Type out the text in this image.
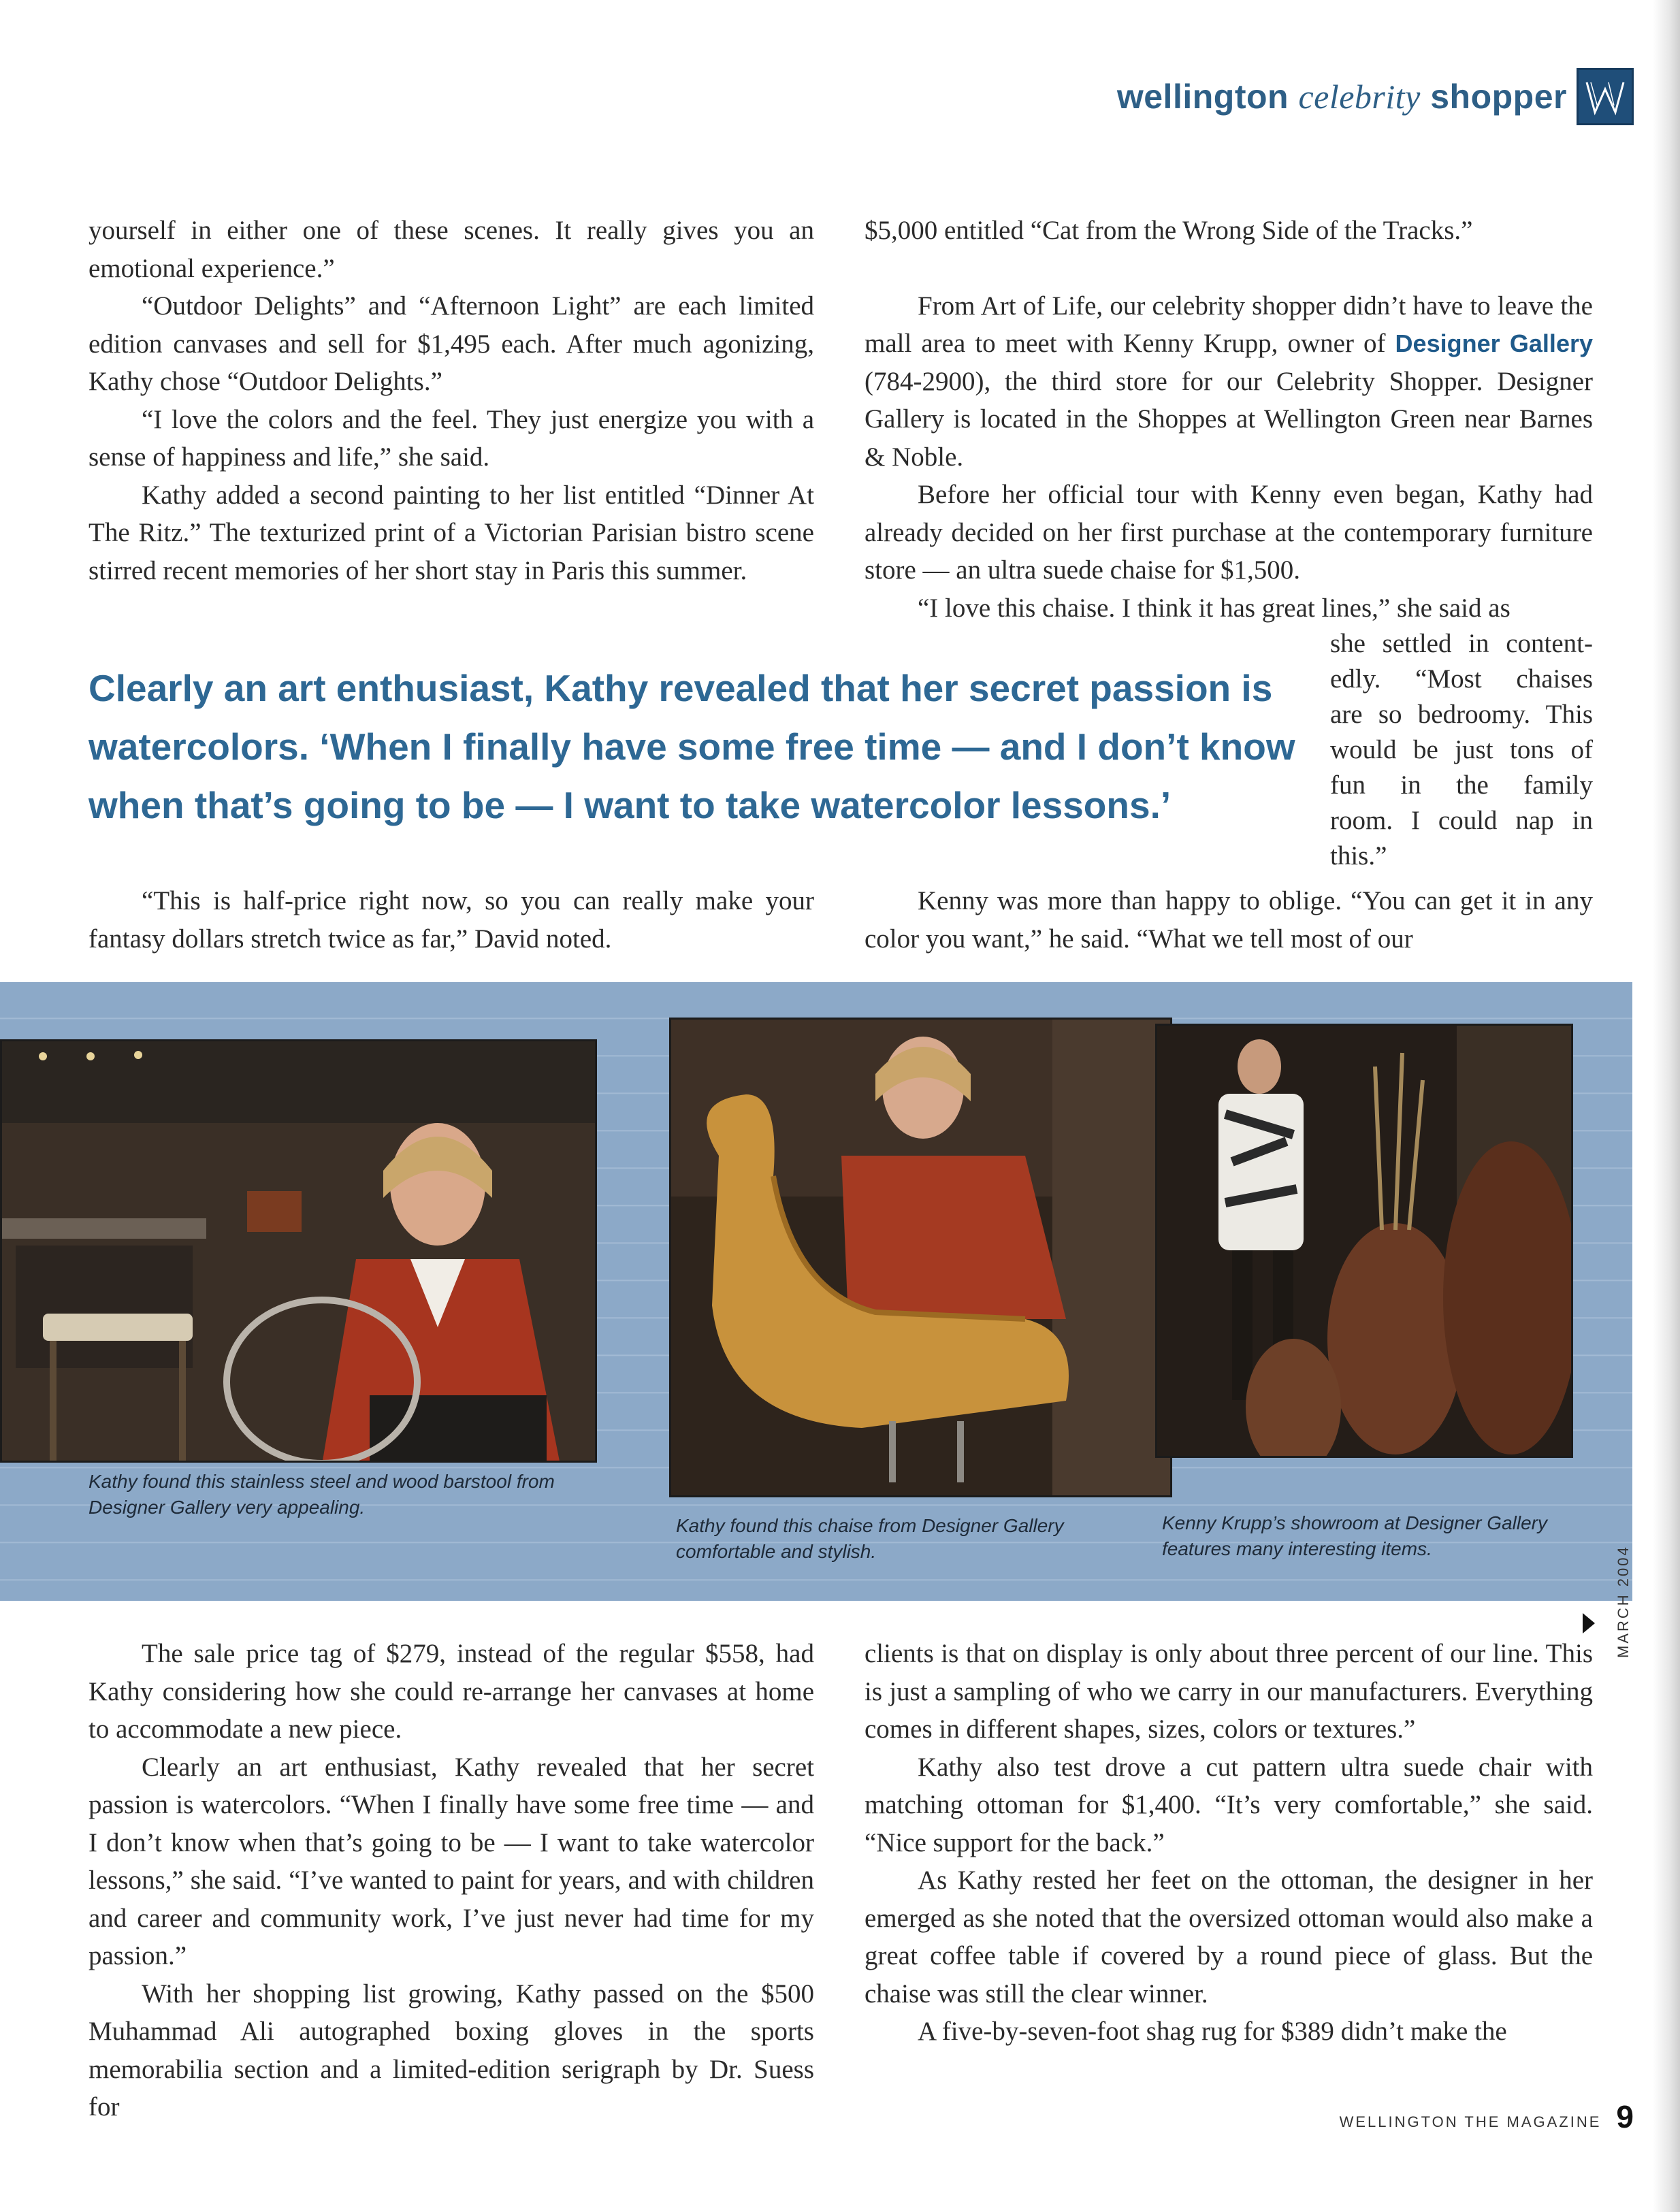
wellington celebrity shopper

yourself in either one of these scenes. It really gives you an emotional experience.”

“Outdoor Delights” and “Afternoon Light” are each limited edition canvases and sell for $1,495 each. After much agonizing, Kathy chose “Outdoor Delights.”

“I love the colors and the feel. They just energize you with a sense of happiness and life,” she said.

Kathy added a second painting to her list entitled “Dinner At The Ritz.” The texturized print of a Victorian Parisian bistro scene stirred recent memories of her short stay in Paris this summer.

$5,000 entitled “Cat from the Wrong Side of the Tracks.”

From Art of Life, our celebrity shopper didn’t have to leave the mall area to meet with Kenny Krupp, owner of Designer Gallery (784-2900), the third store for our Celebrity Shopper. Designer Gallery is located in the Shoppes at Wellington Green near Barnes & Noble.

Before her official tour with Kenny even began, Kathy had already decided on her first purchase at the contemporary furniture store — an ultra suede chaise for $1,500.

“I love this chaise. I think it has great lines,” she said as

she settled in content-
edly. “Most chaises
are so bedroomy. This
would be just tons of
fun in the family
room. I could nap in
this.”
Clearly an art enthusiast, Kathy revealed that her secret passion is watercolors. ‘When I finally have some free time — and I don’t know when that’s going to be — I want to take watercolor lessons.’

“This is half-price right now, so you can really make your fantasy dollars stretch twice as far,” David noted.

Kenny was more than happy to oblige. “You can get it in any color you want,” he said. “What we tell most of our

Kathy found this stainless steel and wood barstool from Designer Gallery very appealing.
Kathy found this chaise from Designer Gallery comfortable and stylish.
Kenny Krupp’s showroom at Designer Gallery features many interesting items.

The sale price tag of $279, instead of the regular $558, had Kathy considering how she could re-arrange her canvases at home to accommodate a new piece.

Clearly an art enthusiast, Kathy revealed that her secret passion is watercolors. “When I finally have some free time — and I don’t know when that’s going to be — I want to take watercolor lessons,” she said. “I’ve wanted to paint for years, and with children and career and community work, I’ve just never had time for my passion.”

With her shopping list growing, Kathy passed on the $500 Muhammad Ali autographed boxing gloves in the sports memorabilia section and a limited-edition serigraph by Dr. Suess for

clients is that on display is only about three percent of our line. This is just a sampling of who we carry in our manufacturers. Everything comes in different shapes, sizes, colors or textures.”

Kathy also test drove a cut pattern ultra suede chair with matching ottoman for $1,400. “It’s very comfortable,” she said. “Nice support for the back.”

As Kathy rested her feet on the ottoman, the designer in her emerged as she noted that the oversized ottoman would also make a great coffee table if covered by a round piece of glass. But the chaise was still the clear winner.

A five-by-seven-foot shag rug for $389 didn’t make the

MARCH 2004
WELLINGTON THE MAGAZINE 9
